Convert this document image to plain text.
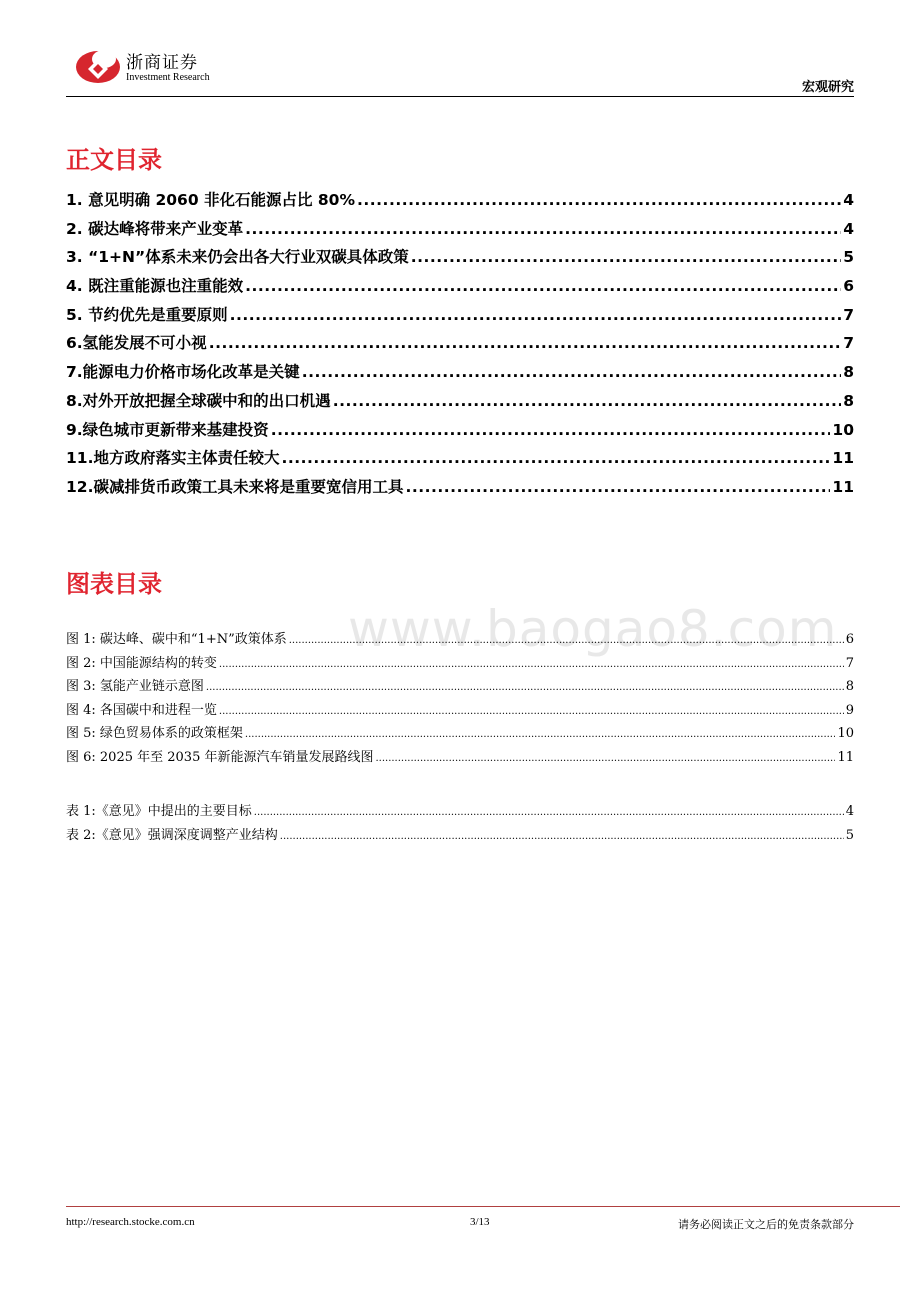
浙商证券
Investment Research
宏观研究
正文目录
1. 意见明确 2060 非化石能源占比 80% .....	4
2. 碳达峰将带来产业变革 .....	4
3. “1+N”体系未来仍会出各大行业双碳具体政策 .....	5
4. 既注重能源也注重能效 .....	6
5. 节约优先是重要原则 .....	7
6.氢能发展不可小视 .....	7
7.能源电力价格市场化改革是关键 .....	8
8.对外开放把握全球碳中和的出口机遇 .....	8
9.绿色城市更新带来基建投资 .....	10
11.地方政府落实主体责任较大 .....	11
12.碳减排货币政策工具未来将是重要宽信用工具 .....	11
图表目录
www.baogao8.com
图 1: 碳达峰、碳中和“1+N”政策体系 .....	6
图 2: 中国能源结构的转变 .....	7
图 3: 氢能产业链示意图 .....	8
图 4: 各国碳中和进程一览 .....	9
图 5: 绿色贸易体系的政策框架 .....	10
图 6: 2025 年至 2035 年新能源汽车销量发展路线图 .....	11
表 1:《意见》中提出的主要目标 .....	4
表 2:《意见》强调深度调整产业结构 .....	5
http://research.stocke.com.cn	3/13	请务必阅读正文之后的免责条款部分
